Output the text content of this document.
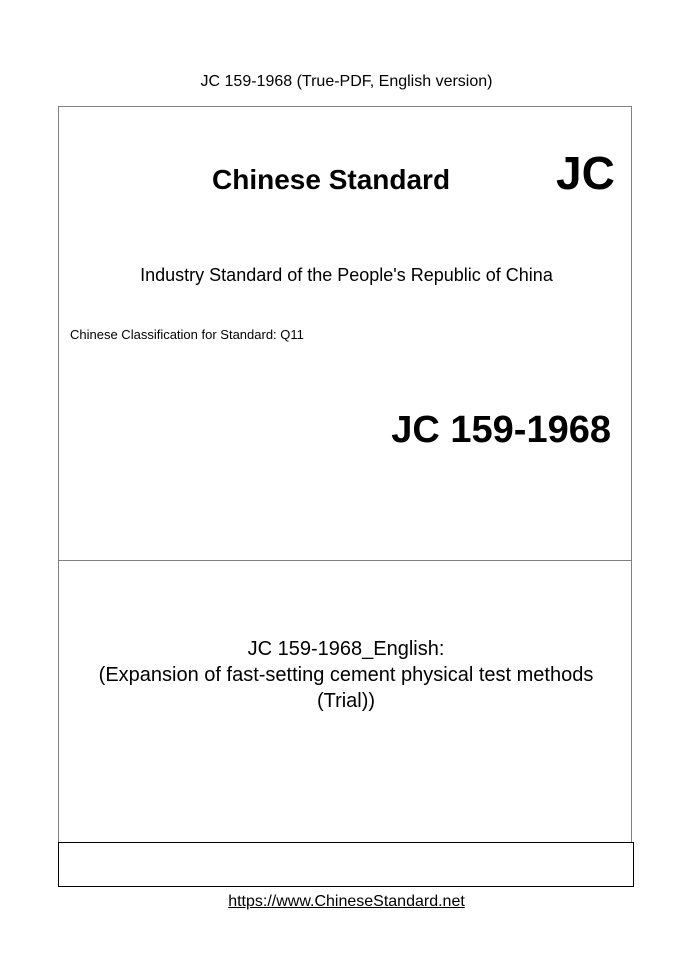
JC 159-1968 (True-PDF, English version)
Chinese Standard JC
Industry Standard of the People's Republic of China
Chinese Classification for Standard: Q11
JC 159-1968
JC 159-1968_English:
(Expansion of fast-setting cement physical test methods
(Trial))
https://www.ChineseStandard.net
